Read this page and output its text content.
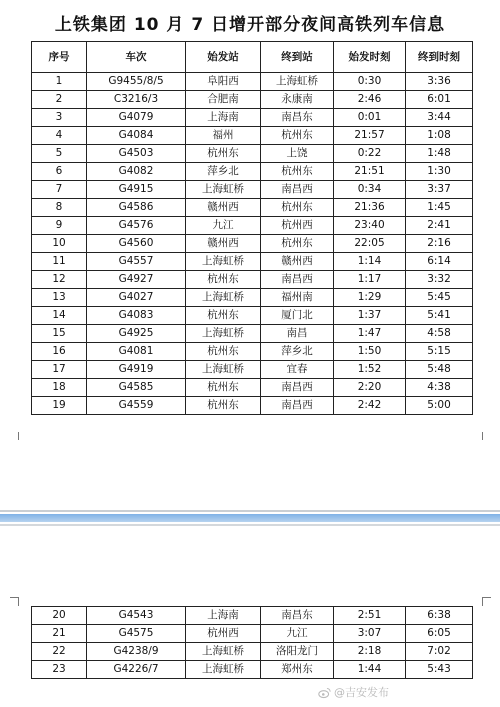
上铁集团 10 月 7 日增开部分夜间高铁列车信息
序号	车次	始发站	终到站	始发时刻	终到时刻
1	G9455/8/5	阜阳西	上海虹桥	0:30	3:36
2	C3216/3	合肥南	永康南	2:46	6:01
3	G4079	上海南	南昌东	0:01	3:44
4	G4084	福州	杭州东	21:57	1:08
5	G4503	杭州东	上饶	0:22	1:48
6	G4082	萍乡北	杭州东	21:51	1:30
7	G4915	上海虹桥	南昌西	0:34	3:37
8	G4586	赣州西	杭州东	21:36	1:45
9	G4576	九江	杭州西	23:40	2:41
10	G4560	赣州西	杭州东	22:05	2:16
11	G4557	上海虹桥	赣州西	1:14	6:14
12	G4927	杭州东	南昌西	1:17	3:32
13	G4027	上海虹桥	福州南	1:29	5:45
14	G4083	杭州东	厦门北	1:37	5:41
15	G4925	上海虹桥	南昌	1:47	4:58
16	G4081	杭州东	萍乡北	1:50	5:15
17	G4919	上海虹桥	宜春	1:52	5:48
18	G4585	杭州东	南昌西	2:20	4:38
19	G4559	杭州东	南昌西	2:42	5:00
20	G4543	上海南	南昌东	2:51	6:38
21	G4575	杭州西	九江	3:07	6:05
22	G4238/9	上海虹桥	洛阳龙门	2:18	7:02
23	G4226/7	上海虹桥	郑州东	1:44	5:43
@吉安发布
